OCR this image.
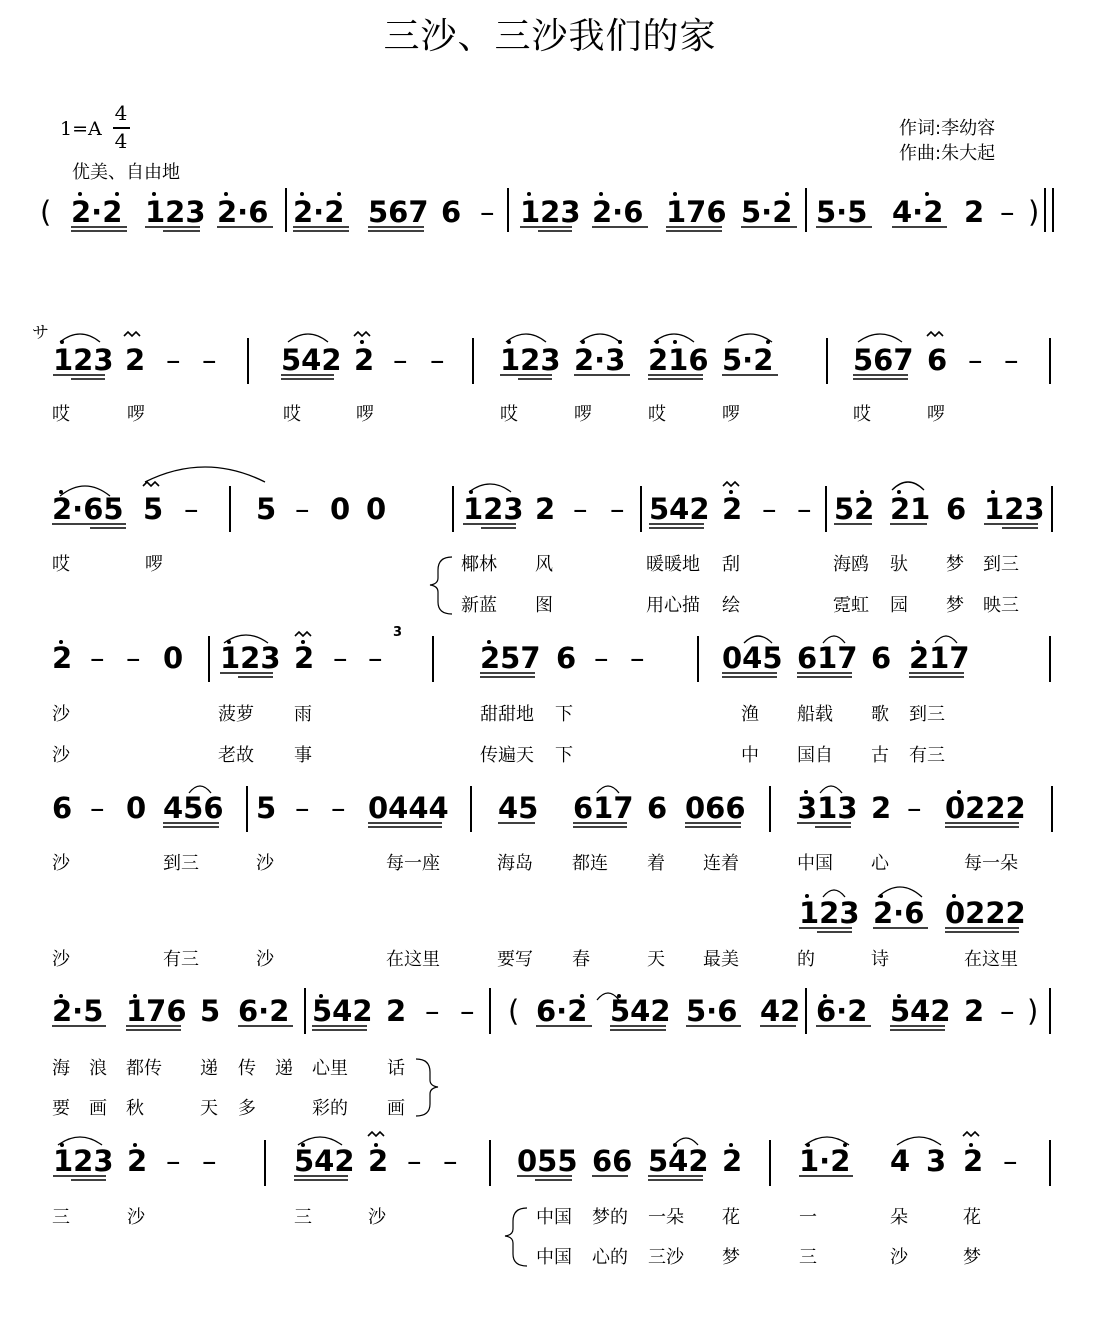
三沙、三沙我们的家
1=A
4
4
优美、自由地
作词:李幼容
作曲:朱大起
サ
( 2·2 123 2·6 2·2 567 6 – 123 2·6 176 5·2 5·5 4·2 2 – )
123 2 – – 542 2 – – 123 2·3 216 5·2	567 6 – –
2·65 5 – 5 – 0 0	123 2 – – 542 2 – – 52 21 6 123
2 – – 0 123 2 – –
3
257 6 – –	045 617 6 217
6 – 0 456 5 – – 0444 45 617 6 066 313 2 – 0222
123 2·6 0222
2·5 176 5 6·2 542 2 – – ( 6·2 542 5·6 42 6·2 542 2 – )
123 2 – –	542 2 – – 055 66 542 2 1·2 4 3 2 –
哎	啰	哎	啰	哎	啰	哎	啰	哎	啰
哎	啰	椰林 风	暖暖地 刮	海鸥 驮 梦 到三
新蓝 图	用心描 绘	霓虹 园 梦 映三
沙	菠萝 雨	甜甜地 下	渔 船载 歌 到三
沙	老故 事	传遍天 下	中 国自 古 有三
沙	到三	沙	每一座	海岛 都连 着 连着	中国 心	每一朵
沙	有三	沙	在这里	要写 春	天 最美	的	诗	在这里
海 浪 都传 递 传 递 心里 话
要 画 秋	天 多	彩的 画
三	沙	三	沙	中国 梦的 一朵 花	一	朵	花
中国 心的 三沙 梦	三	沙	梦
